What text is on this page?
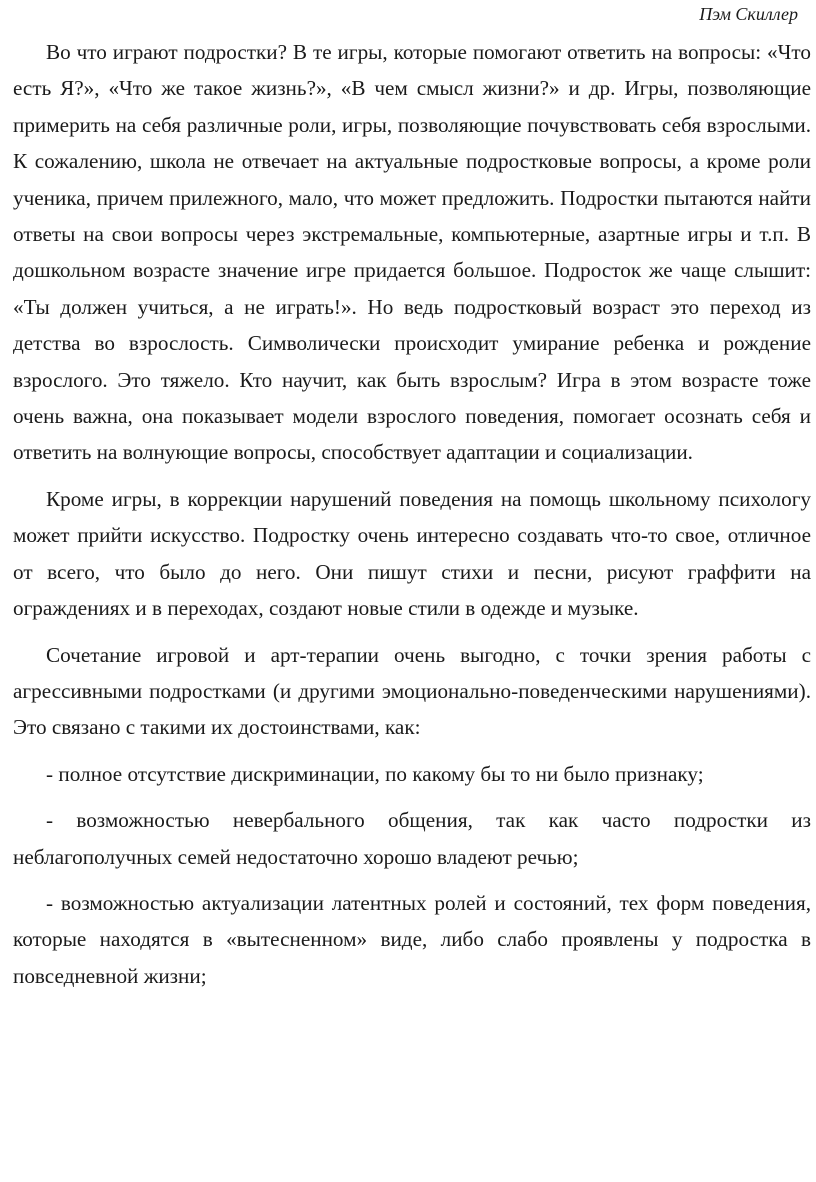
Пэм Скиллер

Во что играют подростки? В те игры, которые помогают ответить на вопросы: «Что есть Я?», «Что же такое жизнь?», «В чем смысл жизни?» и др. Игры, позволяющие примерить на себя различные роли, игры, позволяющие почувствовать себя взрослыми. К сожалению, школа не отвечает на актуальные подростковые вопросы, а кроме роли ученика, причем прилежного, мало, что может предложить. Подростки пытаются найти ответы на свои вопросы через экстремальные, компьютерные, азартные игры и т.п. В дошкольном возрасте значение игре придается большое. Подросток же чаще слышит: «Ты должен учиться, а не играть!». Но ведь подростковый возраст это переход из детства во взрослость. Символически происходит умирание ребенка и рождение взрослого. Это тяжело. Кто научит, как быть взрослым? Игра в этом возрасте тоже очень важна, она показывает модели взрослого поведения, помогает осознать себя и ответить на волнующие вопросы, способствует адаптации и социализации.

Кроме игры, в коррекции нарушений поведения на помощь школьному психологу может прийти искусство. Подростку очень интересно создавать что-то свое, отличное от всего, что было до него. Они пишут стихи и песни, рисуют граффити на ограждениях и в переходах, создают новые стили в одежде и музыке.

Сочетание игровой и арт-терапии очень выгодно, с точки зрения работы с агрессивными подростками (и другими эмоционально-поведенческими нарушениями). Это связано с такими их достоинствами, как:

- полное отсутствие дискриминации, по какому бы то ни было признаку;

- возможностью невербального общения, так как часто подростки из неблагополучных семей недостаточно хорошо владеют речью;

- возможностью актуализации латентных ролей и состояний, тех форм поведения, которые находятся в «вытесненном» виде, либо слабо проявлены у подростка в повседневной жизни;
